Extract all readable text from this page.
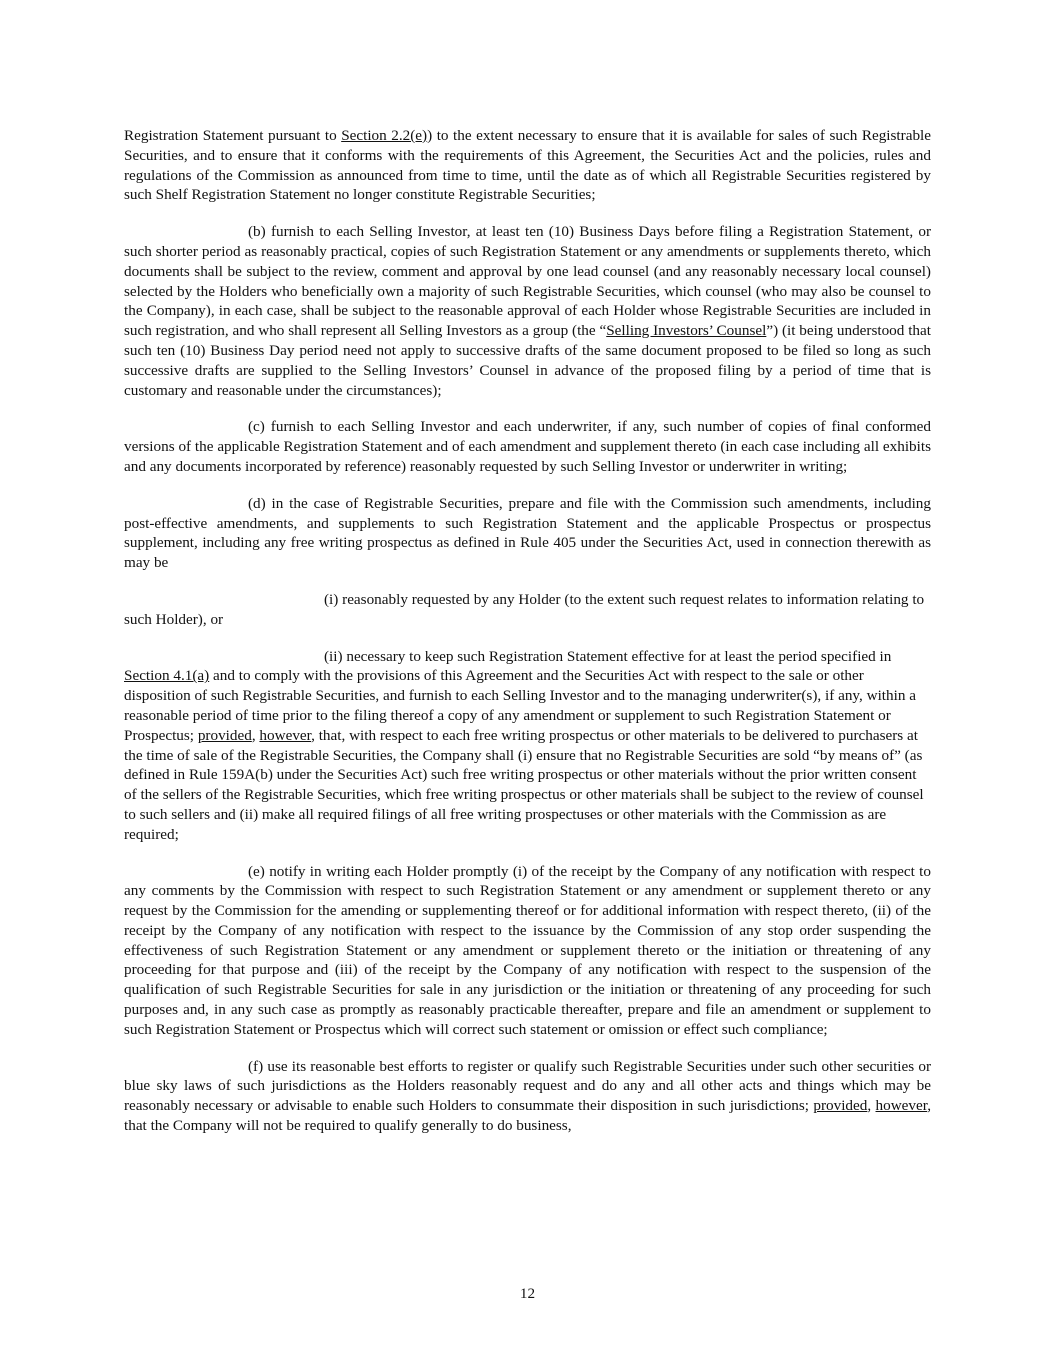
Registration Statement pursuant to Section 2.2(e)) to the extent necessary to ensure that it is available for sales of such Registrable Securities, and to ensure that it conforms with the requirements of this Agreement, the Securities Act and the policies, rules and regulations of the Commission as announced from time to time, until the date as of which all Registrable Securities registered by such Shelf Registration Statement no longer constitute Registrable Securities;

(b) furnish to each Selling Investor, at least ten (10) Business Days before filing a Registration Statement, or such shorter period as reasonably practical, copies of such Registration Statement or any amendments or supplements thereto, which documents shall be subject to the review, comment and approval by one lead counsel (and any reasonably necessary local counsel) selected by the Holders who beneficially own a majority of such Registrable Securities, which counsel (who may also be counsel to the Company), in each case, shall be subject to the reasonable approval of each Holder whose Registrable Securities are included in such registration, and who shall represent all Selling Investors as a group (the “Selling Investors’ Counsel”) (it being understood that such ten (10) Business Day period need not apply to successive drafts of the same document proposed to be filed so long as such successive drafts are supplied to the Selling Investors’ Counsel in advance of the proposed filing by a period of time that is customary and reasonable under the circumstances);

(c) furnish to each Selling Investor and each underwriter, if any, such number of copies of final conformed versions of the applicable Registration Statement and of each amendment and supplement thereto (in each case including all exhibits and any documents incorporated by reference) reasonably requested by such Selling Investor or underwriter in writing;

(d) in the case of Registrable Securities, prepare and file with the Commission such amendments, including post-effective amendments, and supplements to such Registration Statement and the applicable Prospectus or prospectus supplement, including any free writing prospectus as defined in Rule 405 under the Securities Act, used in connection therewith as may be

(i) reasonably requested by any Holder (to the extent such request relates to information relating to such Holder), or

(ii) necessary to keep such Registration Statement effective for at least the period specified in Section 4.1(a) and to comply with the provisions of this Agreement and the Securities Act with respect to the sale or other disposition of such Registrable Securities, and furnish to each Selling Investor and to the managing underwriter(s), if any, within a reasonable period of time prior to the filing thereof a copy of any amendment or supplement to such Registration Statement or Prospectus; provided, however, that, with respect to each free writing prospectus or other materials to be delivered to purchasers at the time of sale of the Registrable Securities, the Company shall (i) ensure that no Registrable Securities are sold “by means of” (as defined in Rule 159A(b) under the Securities Act) such free writing prospectus or other materials without the prior written consent of the sellers of the Registrable Securities, which free writing prospectus or other materials shall be subject to the review of counsel to such sellers and (ii) make all required filings of all free writing prospectuses or other materials with the Commission as are required;

(e) notify in writing each Holder promptly (i) of the receipt by the Company of any notification with respect to any comments by the Commission with respect to such Registration Statement or any amendment or supplement thereto or any request by the Commission for the amending or supplementing thereof or for additional information with respect thereto, (ii) of the receipt by the Company of any notification with respect to the issuance by the Commission of any stop order suspending the effectiveness of such Registration Statement or any amendment or supplement thereto or the initiation or threatening of any proceeding for that purpose and (iii) of the receipt by the Company of any notification with respect to the suspension of the qualification of such Registrable Securities for sale in any jurisdiction or the initiation or threatening of any proceeding for such purposes and, in any such case as promptly as reasonably practicable thereafter, prepare and file an amendment or supplement to such Registration Statement or Prospectus which will correct such statement or omission or effect such compliance;

(f) use its reasonable best efforts to register or qualify such Registrable Securities under such other securities or blue sky laws of such jurisdictions as the Holders reasonably request and do any and all other acts and things which may be reasonably necessary or advisable to enable such Holders to consummate their disposition in such jurisdictions; provided, however, that the Company will not be required to qualify generally to do business,

12
